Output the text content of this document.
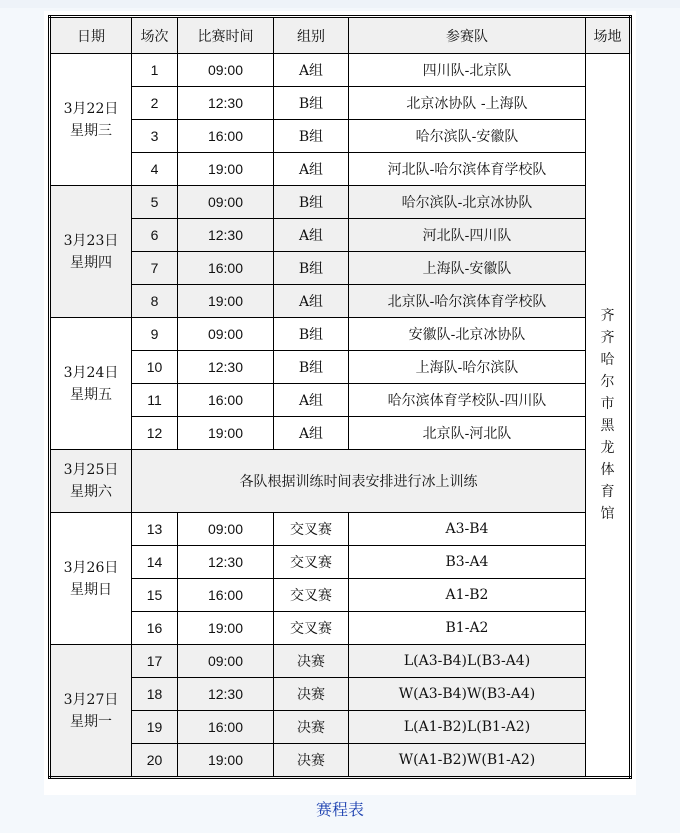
日期	场次	比赛时间	组别	参赛队	场地
3月22日
星期三	1	09:00	A组	四川队-北京队	齐齐哈尔市黑龙体育馆
	2	12:30	B组	北京冰协队 -上海队	
	3	16:00	B组	哈尔滨队-安徽队	
	4	19:00	A组	河北队-哈尔滨体育学校队	
3月23日
星期四	5	09:00	B组	哈尔滨队-北京冰协队	
	6	12:30	A组	河北队-四川队	
	7	16:00	B组	上海队-安徽队	
	8	19:00	A组	北京队-哈尔滨体育学校队	
3月24日
星期五	9	09:00	B组	安徽队-北京冰协队	
	10	12:30	B组	上海队-哈尔滨队	
	11	16:00	A组	哈尔滨体育学校队-四川队	
	12	19:00	A组	北京队-河北队	
3月25日
星期六	各队根据训练时间表安排进行冰上训练				
3月26日
星期日	13	09:00	交叉赛	A3-B4	
	14	12:30	交叉赛	B3-A4	
	15	16:00	交叉赛	A1-B2	
	16	19:00	交叉赛	B1-A2	
3月27日
星期一	17	09:00	决赛	L(A3-B4)L(B3-A4)	
	18	12:30	决赛	W(A3-B4)W(B3-A4)	
	19	16:00	决赛	L(A1-B2)L(B1-A2)	
	20	19:00	决赛	W(A1-B2)W(B1-A2)	
赛程表
